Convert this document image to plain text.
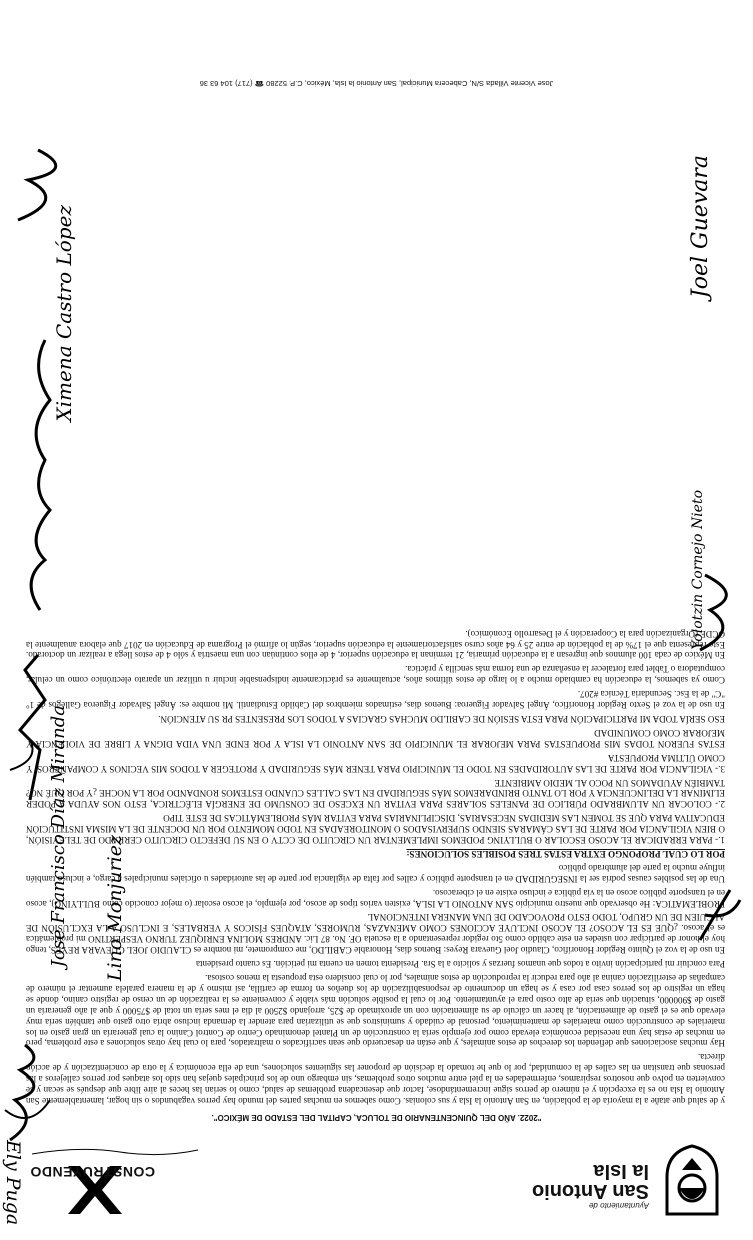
Ayuntamiento de
San Antonio
la Isla
CONSTRUYENDO
"2022. AÑO DEL QUINCENTENARIO DE TOLUCA, CAPITAL DEL ESTADO DE MÉXICO".

y de salud que atañe a la mayoría de la población, en San Antonio la Isla y sus colonias. Como sabemos en muchas partes del mundo hay perros vagabundos o sin hogar, lamentablemente San Antonio la Isla no es la excepción y el número de perros sigue incrementándose, factor que desencadena problemas de salud, como lo serían las heces al aire libre que después se secan y se convierten en polvo que nosotros respiramos, enfermedades en la piel entre muchos otros problemas, sin embargo uno de los principales quejas han sido los ataques por perros callejeros a las personas que transitan en las calles de la comunidad, por lo que he tomado la decisión de proponer las siguientes soluciones, una de ella económica y la otra de concientización y de acción directa.

Hay muchas asociaciones que defienden los derechos de estos animales, y que están en desacuerdo que sean sacrificados o maltratados, para lo cual hay otras soluciones a este problema, pero en muchas de estas hay una necesidad económica elevada como por ejemplo sería la construcción de un Plantel denominado Centro de Control Canino la cual generaría un gran gasto en los materiales de construcción como materiales de mantenimiento, personal de cuidado y suministros que se utilizarían para atender la demanda incluso abría otro gasto que también sería muy elevado que es el gasto de alimentación, al hacer un cálculo de su alimentación con un aproximado de $25, arrojando $2500 al día el mes sería un total de $75000 y que al año generaría un gasto de $900000, situación que sería de alto costo para el ayuntamiento. Por lo cual la posible solución más viable y conveniente es la realización de un censo de registro canino, donde se haga un registro de los perros casa por casa y se haga un documento de responsabilización de los dueños en forma de cartilla, así mismo y de la manera paralela aumentar el número de campañas de esterilización canina al año para reducir la reproducción de estos animales, por lo cual considero esta propuesta la menos costosa.

Para concluir mi participación invito a todos que unamos fuerzas y solicito a la Sra. Presidenta tomen en cuenta mi petición. Es cuanto presidenta

En uso de la voz el Quinto Regidor Honorífico, Claudio Joel Guevara Reyes: Buenos días, Honorable CABILDO, me compromete, mi nombre es CLAUDIO JOEL GUEVARA REYES, tengo hoy el honor de participar con ustedes en este cabildo como 5to regidor representando a la escuela OF. No. 87 Lic. ANDRES MOLINA ENRIQUEZ TURNO VESPERTINO mi problemática es el acoso. ¿QUE ES EL ACOSO? EL ACOSO INCLUYE ACCIONES COMO AMENAZAS, RUMORES, ATAQUES FÍSICOS Y VERBALES, E INCLUSO A LA EXCLUSIÓN DE ALGUIEN DE UN GRUPO, TODO ESTO PROVOCADO DE UNA MANERA INTENCIONAL

PROBLEMATICA: He observado que nuestro municipio SAN ANTONIO LA ISLA, existen varios tipos de acoso, por ejemplo, el acoso escolar (o mejor conocido como BULLYING), acoso en el transporte público acoso en la vía pública e incluso existe en el ciberacoso.

Una de las posibles causas podría ser la INSEGURIDAD en el transporte público y calles por falta de vigilancia por parte de las autoridades u oficiales municipales a cargo, e incluso también influye mucho la parte del alumbrado público

POR LO CUAL PROPONGO EXTRA ESTAS TRES POSIBLES SOLUCIONES:

1.- PARA ERRADICAR EL ACOSO ESCOLAR O BULLYING PODEMOS IMPLEMENTAR UN CIRCUITO DE CCTV O EN SU DEFECTO CIRCUITO CERRADO DE TELEVISIÓN, O BIEN VIGILANCIA POR PARTE DE LAS CÁMARAS SIENDO SUPERVISADOS O MONITOREADAS EN TODO MOMENTO POR UN DOCENTE DE LA MISMA INSTITUCIÓN EDUCATIVA PARA QUE SE TOMEN LAS MEDIDAS NECESARIAS, DISCIPLINARIAS PARA EVITAR MÁS PROBLEMÁTICAS DE ESTE TIPO

2.- COLOCAR UN ALUMBRADO PÚBLICO DE PANELES SOLARES PARA EVITAR UN EXCESO DE CONSUMO DE ENERGÍA ELÉCTRICA, ESTO NOS AYUDA A PODER ELIMINAR LA DELINCUENCIA Y POR LO TANTO BRINDAREMOS MÁS SEGURIDAD EN LAS CALLES CUANDO ESTEMOS RONDANDO POR LA NOCHE ¿Y POR QUÉ NO? TAMBIÉN AYUDAMOS UN POCO AL MEDIO AMBIENTE

3.- VIGILANCIA POR PARTE DE LAS AUTORIDADES EN TODO EL MUNICIPIO PARA TENER MÁS SEGURIDAD Y PROTEGER A TODOS MIS VECINOS Y COMPAÑEROS. Y COMO ÚLTIMA PROPUESTA

ESTAS FUERON TODAS MIS PROPUESTAS PARA MEJORAR EL MUNICIPIO DE SAN ANTONIO LA ISLA Y POR ENDE UNA VIDA DIGNA Y LIBRE DE VIOLENCIA Y MEJORAR COMO COMUNIDAD

ESO SERÍA TODA MI PARTICIPACIÓN PARA ESTA SESIÓN DE CABILDO MUCHAS GRACIAS A TODOS LOS PRESENTES PR SU ATENCIÓN.

En uso de la voz el Sexto Regidor Honorífico, Ángel Salvador Figueroa: Buenos días, estimados miembros del Cabildo Estudiantil. Mi nombre es: Ángel Salvador Figueroa Gallegos de 1° "C" de la Esc. Secundaria Técnica #207.

Como ya sabemos, la educación ha cambiado mucho a lo largo de estos últimos años, actualmente es prácticamente indispensable incluir u utilizar un aparato electrónico como un celular, computadora o Tablet para fortalecer la enseñanza de una forma más sencilla y práctica.

En México de cada 100 alumnos que ingresan a la educación primaria, 21 terminan la educación superior, 4 de ellos continúan con una maestría y sólo 4 de estos llega a realizar un doctorado. Esto representa que el 17% de la población de entre 25 y 64 años curso satisfactoriamente la educación superior, según lo afirmó el Programa de Educación en 2017 que elabora anualmente la OCDE (Organización para la Cooperación y el Desarrollo Económico).

Jose Vicente Villada S/N, Cabecera Municipal, San Antonio la Isla, México, C.P. 52280 ☎ (717) 104 63 36
Ely Puga
Lino Monjuriez
José Francisco Díaz Miranda
Yolotzin Cornejo Nieto
Ximena Castro López	Joel Guevara
